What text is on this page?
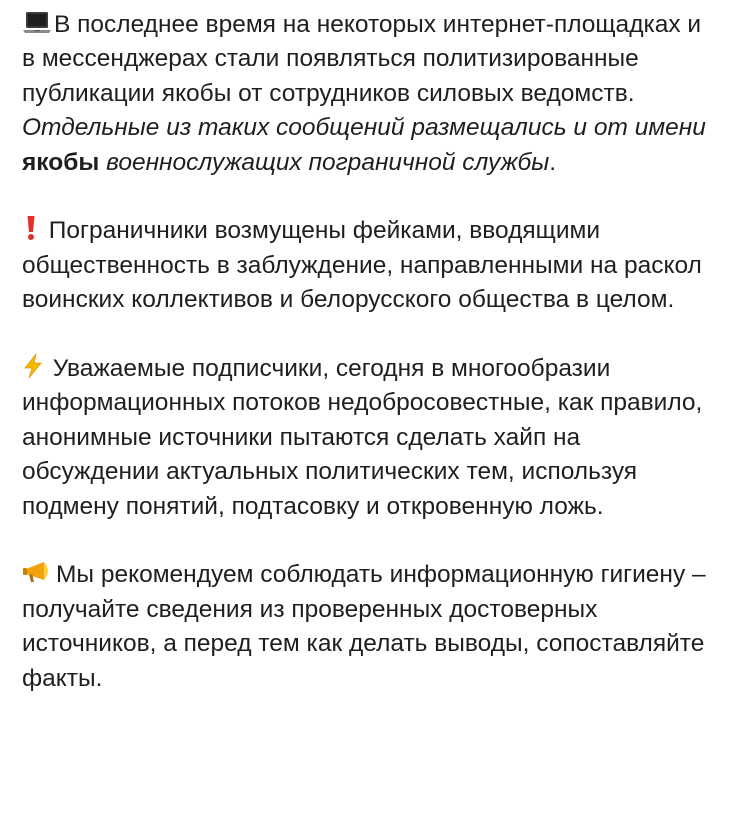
В последнее время на некоторых интернет-площадках и в мессенджерах стали появляться политизированные публикации якобы от сотрудников силовых ведомств. Отдельные из таких сообщений размещались и от имени якобы военнослужащих пограничной службы.

Пограничники возмущены фейками, вводящими общественность в заблуждение, направленными на раскол воинских коллективов и белорусского общества в целом.

Уважаемые подписчики, сегодня в многообразии информационных потоков недобросовестные, как правило, анонимные источники пытаются сделать хайп на обсуждении актуальных политических тем, используя подмену понятий, подтасовку и откровенную ложь.

Мы рекомендуем соблюдать информационную гигиену – получайте сведения из проверенных достоверных источников, а перед тем как делать выводы, сопоставляйте факты.
